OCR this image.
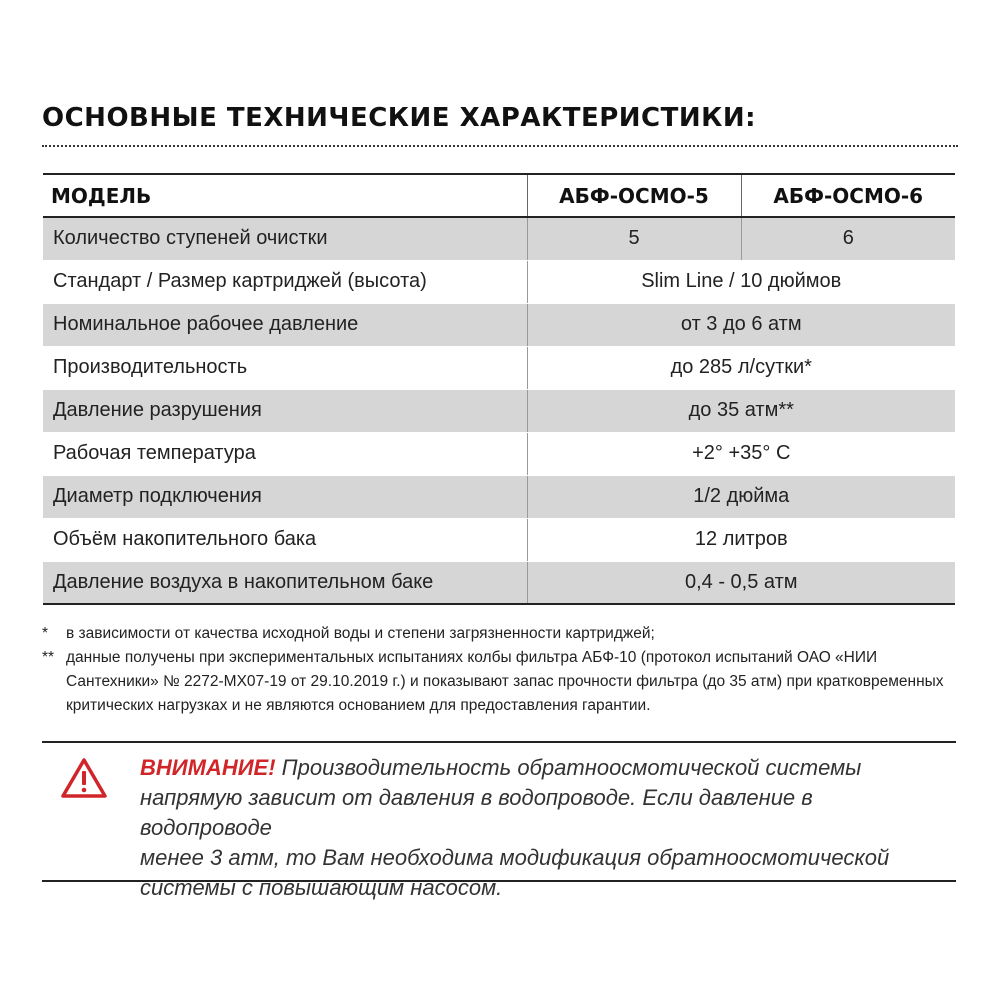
ОСНОВНЫЕ ТЕХНИЧЕСКИЕ ХАРАКТЕРИСТИКИ:
МОДЕЛЬ	АБФ-ОСМО-5	АБФ-ОСМО-6
Количество ступеней очистки	5	6
Стандарт / Размер картриджей (высота)	Slim Line / 10 дюймов	
Номинальное рабочее давление	от 3 до 6 атм	
Производительность	до 285 л/сутки*	
Давление разрушения	до 35 атм**	
Рабочая температура	+2° +35° С	
Диаметр подключения	1/2 дюйма	
Объём накопительного бака	12 литров	
Давление воздуха в накопительном баке	0,4 - 0,5 атм	
*	в зависимости от качества исходной воды и степени загрязненности картриджей;
** данные получены при экспериментальных испытаниях колбы фильтра АБФ-10 (протокол испытаний ОАО «НИИ Сантехники» № 2272-МХ07-19 от 29.10.2019 г.) и показывают запас прочности фильтра (до 35 атм) при кратковременных критических нагрузках и не являются основанием для предоставления гарантии.
ВНИМАНИЕ! Производительность обратноосмотической системы
напрямую зависит от давления в водопроводе. Если давление в водопроводе
менее 3 атм, то Вам необходима модификация обратноосмотической
системы с повышающим насосом.
